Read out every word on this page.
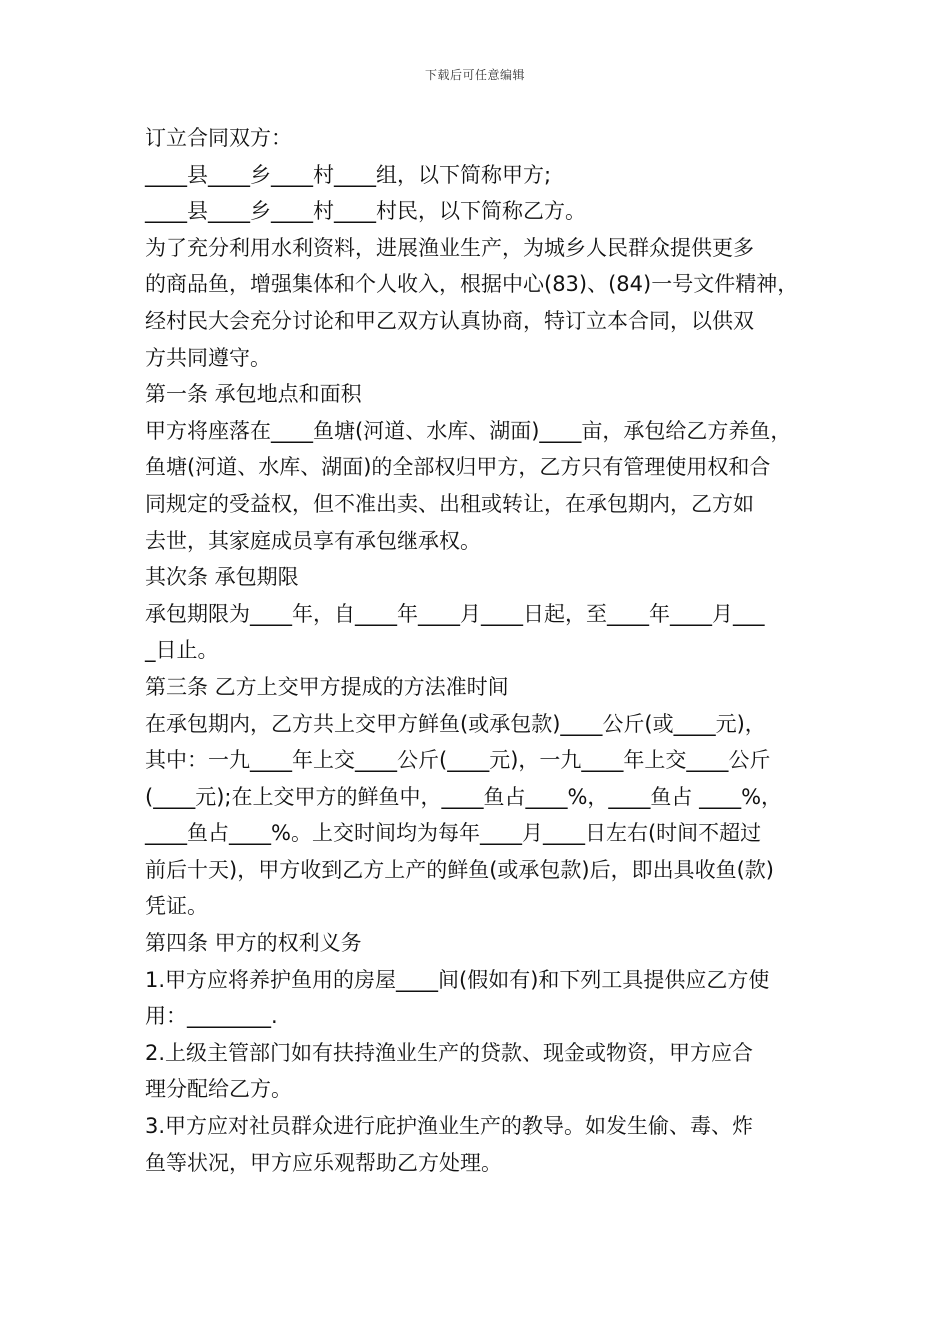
下载后可任意编辑

订立合同双方：

____县____乡____村____组，以下简称甲方;

____县____乡____村____村民，以下简称乙方。

为了充分利用水利资料，进展渔业生产，为城乡人民群众提供更多

的商品鱼，增强集体和个人收入，根据中心(83)、(84)一号文件精神，

经村民大会充分讨论和甲乙双方认真协商，特订立本合同，以供双

方共同遵守。

第一条 承包地点和面积

甲方将座落在____鱼塘(河道、水库、湖面)____亩，承包给乙方养鱼，

鱼塘(河道、水库、湖面)的全部权归甲方，乙方只有管理使用权和合

同规定的受益权，但不准出卖、出租或转让，在承包期内，乙方如

去世，其家庭成员享有承包继承权。

其次条 承包期限

承包期限为____年，自____年____月____日起，至____年____月___

_日止。

第三条 乙方上交甲方提成的方法准时间

在承包期内，乙方共上交甲方鲜鱼(或承包款)____公斤(或____元)，

其中：一九____年上交____公斤(____元)，一九____年上交____公斤

(____元);在上交甲方的鲜鱼中，____鱼占____%，____鱼占 ____%，

____鱼占____%。上交时间均为每年____月____日左右(时间不超过

前后十天)，甲方收到乙方上产的鲜鱼(或承包款)后，即出具收鱼(款)

凭证。

第四条 甲方的权利义务

1.甲方应将养护鱼用的房屋____间(假如有)和下列工具提供应乙方使

用：________.

2.上级主管部门如有扶持渔业生产的贷款、现金或物资，甲方应合

理分配给乙方。

3.甲方应对社员群众进行庇护渔业生产的教导。如发生偷、毒、炸

鱼等状况，甲方应乐观帮助乙方处理。
